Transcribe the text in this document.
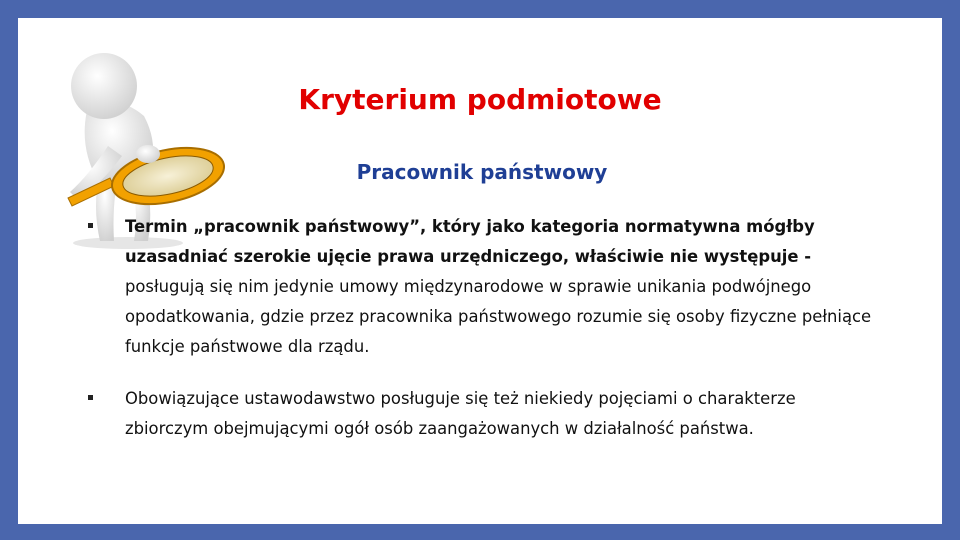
Kryterium podmiotowe
Pracownik państwowy
Termin „pracownik państwowy”, który jako kategoria normatywna mógłby uzasadniać szerokie ujęcie prawa urzędniczego, właściwie nie występuje - posługują się nim jedynie umowy międzynarodowe w sprawie unikania podwójnego opodatkowania, gdzie przez pracownika państwowego rozumie się osoby fizyczne pełniące funkcje państwowe dla rządu.
Obowiązujące ustawodawstwo posługuje się też niekiedy pojęciami o charakterze zbiorczym obejmującymi ogół osób zaangażowanych w działalność państwa.
